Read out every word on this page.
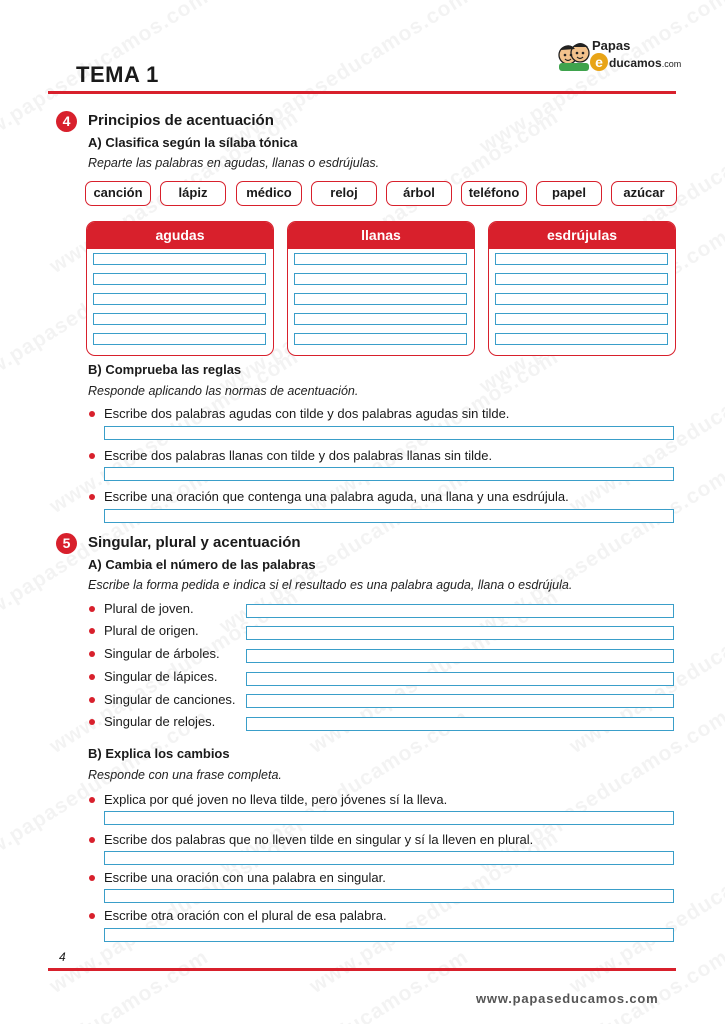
TEMA 1
Papas
e ducamos.com
4	Principios de acentuación
A) Clasifica según la sílaba tónica
Reparte las palabras en agudas, llanas o esdrújulas.
canción	lápiz	médico	reloj	árbol	teléfono	papel	azúcar
agudas	llanas	esdrújulas
B) Comprueba las reglas
Responde aplicando las normas de acentuación.
Escribe dos palabras agudas con tilde y dos palabras agudas sin tilde.
Escribe dos palabras llanas con tilde y dos palabras llanas sin tilde.
Escribe una oración que contenga una palabra aguda, una llana y una esdrújula.
5	Singular, plural y acentuación
A) Cambia el número de las palabras
Escribe la forma pedida e indica si el resultado es una palabra aguda, llana o esdrújula.
Plural de joven.
Plural de origen.
Singular de árboles.
Singular de lápices.
Singular de canciones.
Singular de relojes.
B) Explica los cambios
Responde con una frase completa.
Explica por qué joven no lleva tilde, pero jóvenes sí la lleva.
Escribe dos palabras que no lleven tilde en singular y sí la lleven en plural.
Escribe una oración con una palabra en singular.
Escribe otra oración con el plural de esa palabra.
4
www.papaseducamos.com
